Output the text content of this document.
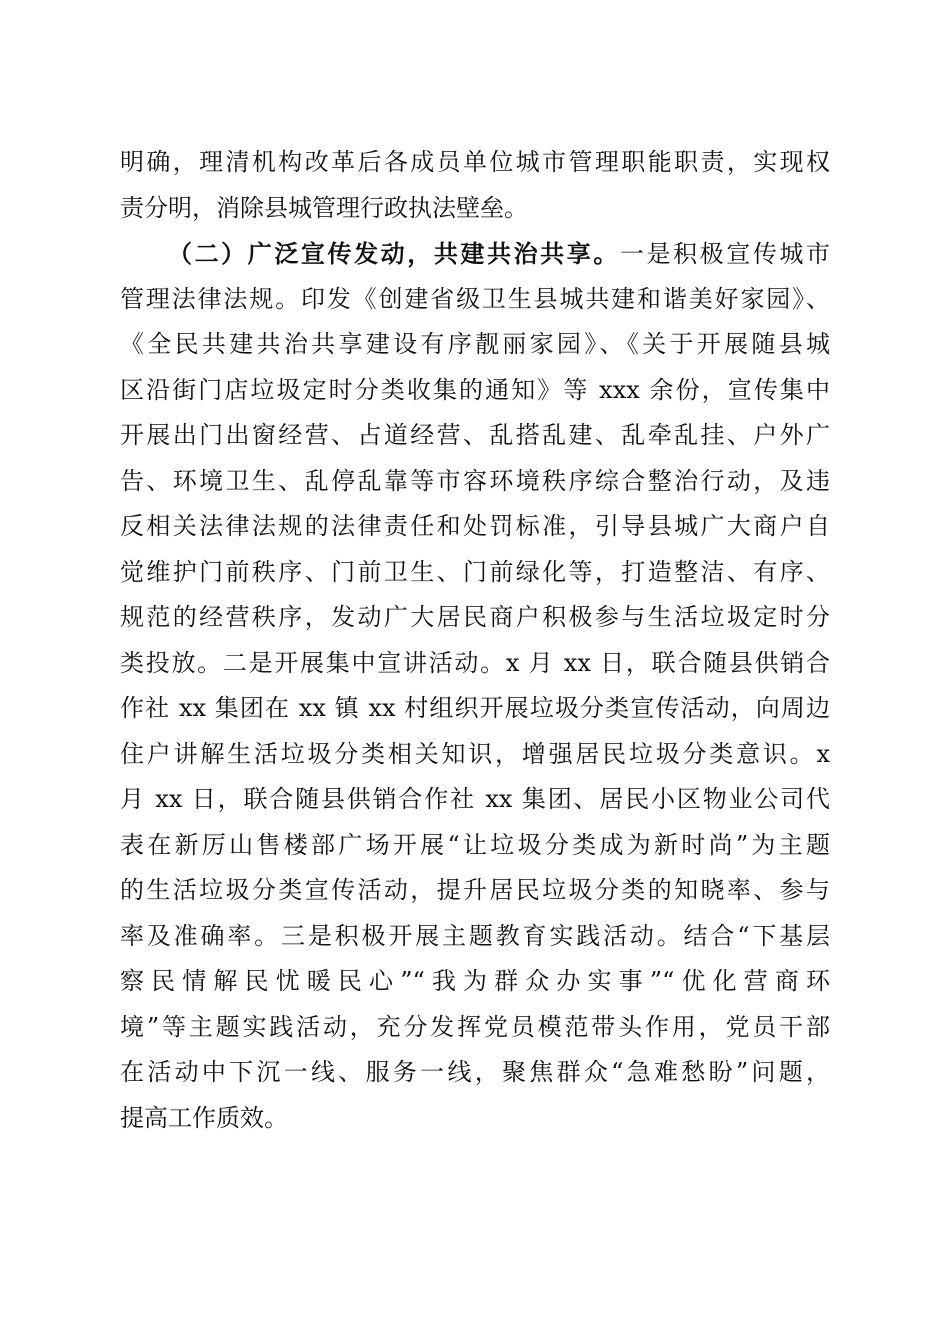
明确，理清机构改革后各成员单位城市管理职能职责，实现权
责分明，消除县城管理行政执法壁垒。
（二）广泛宣传发动，共建共治共享。一是积极宣传城市
管理法律法规。印发《创建省级卫生县城共建和谐美好家园》、
《全民共建共治共享建设有序靓丽家园》、《关于开展随县城
区沿街门店垃圾定时分类收集的通知》等 xxx 余份，宣传集中
开展出门出窗经营、占道经营、乱搭乱建、乱牵乱挂、户外广
告、环境卫生、乱停乱靠等市容环境秩序综合整治行动，及违
反相关法律法规的法律责任和处罚标准，引导县城广大商户自
觉维护门前秩序、门前卫生、门前绿化等，打造整洁、有序、
规范的经营秩序，发动广大居民商户积极参与生活垃圾定时分
类投放。二是开展集中宣讲活动。x 月 xx 日，联合随县供销合
作社 xx 集团在 xx 镇 xx 村组织开展垃圾分类宣传活动，向周边
住户讲解生活垃圾分类相关知识，增强居民垃圾分类意识。x
月 xx 日，联合随县供销合作社 xx 集团、居民小区物业公司代
表在新厉山售楼部广场开展“让垃圾分类成为新时尚”为主题
的生活垃圾分类宣传活动，提升居民垃圾分类的知晓率、参与
率及准确率。三是积极开展主题教育实践活动。结合“下基层
察民情解民忧暖民心”“我为群众办实事”“优化营商环
境”等主题实践活动，充分发挥党员模范带头作用，党员干部
在活动中下沉一线、服务一线，聚焦群众“急难愁盼”问题，
提高工作质效。
